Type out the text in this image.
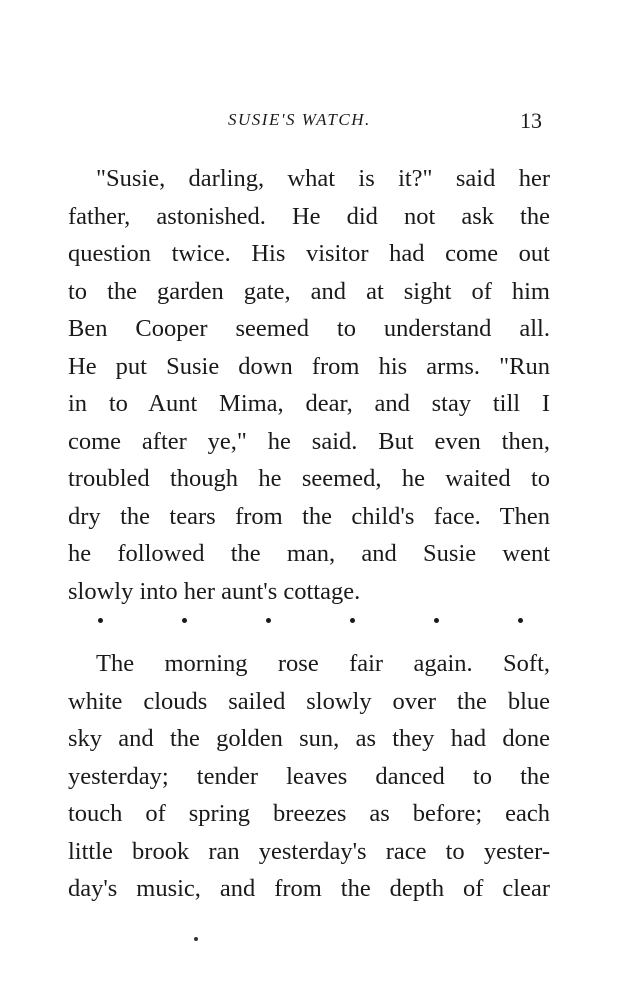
SUSIE'S WATCH.	13
"Susie, darling, what is it?" said her
father, astonished. He did not ask the
question twice. His visitor had come out
to the garden gate, and at sight of him
Ben Cooper seemed to understand all.
He put Susie down from his arms. "Run
in to Aunt Mima, dear, and stay till I
come after ye," he said. But even then,
troubled though he seemed, he waited to
dry the tears from the child's face. Then
he followed the man, and Susie went
slowly into her aunt's cottage.
The morning rose fair again. Soft,
white clouds sailed slowly over the blue
sky and the golden sun, as they had done
yesterday; tender leaves danced to the
touch of spring breezes as before; each
little brook ran yesterday's race to yester-
day's music, and from the depth of clear
